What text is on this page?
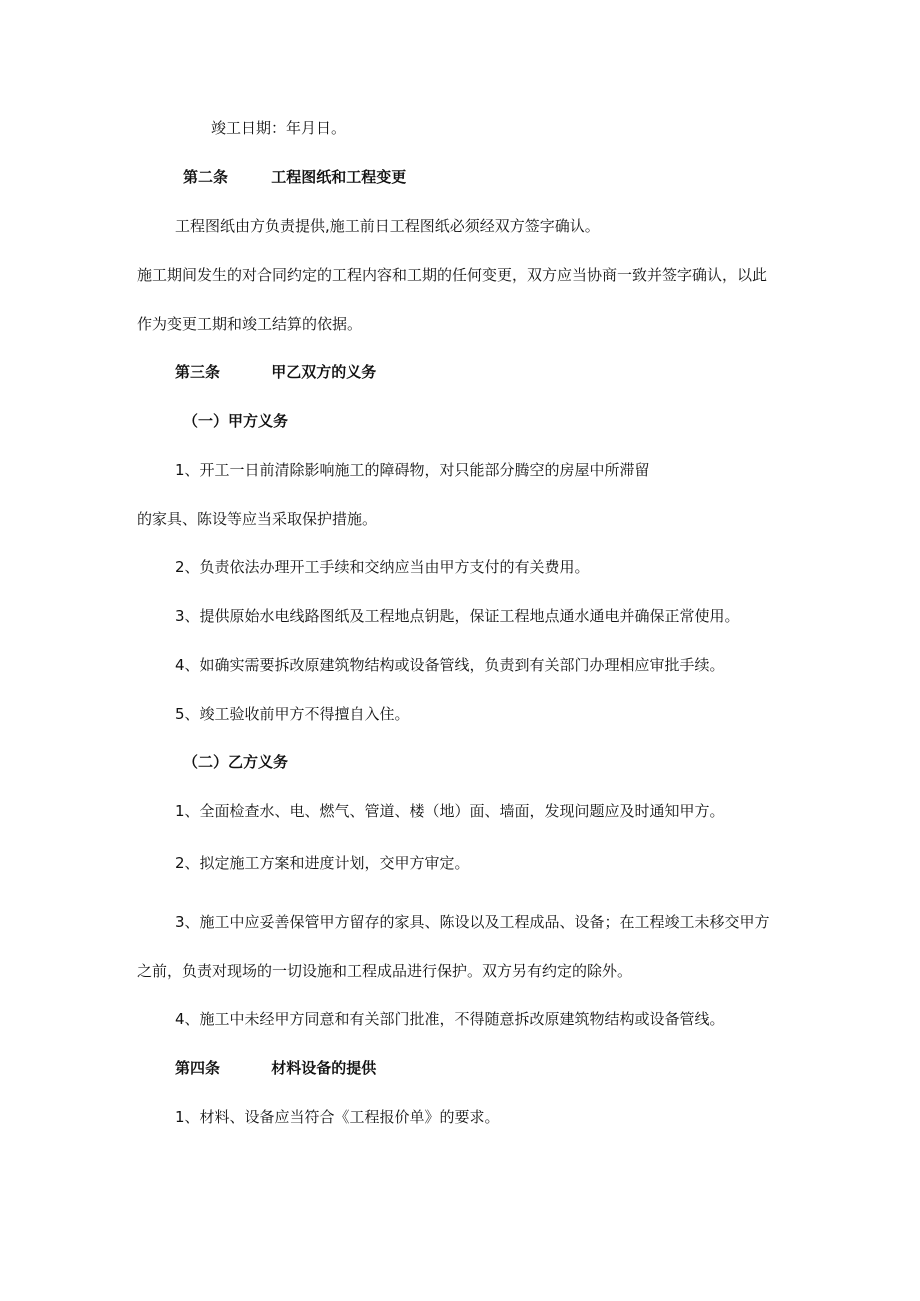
竣工日期：年月日。
第二条	工程图纸和工程变更
工程图纸由方负责提供,施工前日工程图纸必须经双方签字确认。
施工期间发生的对合同约定的工程内容和工期的任何变更，双方应当协商一致并签字确认，以此
作为变更工期和竣工结算的依据。
第三条	甲乙双方的义务
（一）甲方义务
1、开工一日前清除影响施工的障碍物，对只能部分腾空的房屋中所滞留
的家具、陈设等应当采取保护措施。
2、负责依法办理开工手续和交纳应当由甲方支付的有关费用。
3、提供原始水电线路图纸及工程地点钥匙，保证工程地点通水通电并确保正常使用。
4、如确实需要拆改原建筑物结构或设备管线，负责到有关部门办理相应审批手续。
5、竣工验收前甲方不得擅自入住。
（二）乙方义务
1、全面检查水、电、燃气、管道、楼（地）面、墙面，发现问题应及时通知甲方。
2、拟定施工方案和进度计划，交甲方审定。
3、施工中应妥善保管甲方留存的家具、陈设以及工程成品、设备；在工程竣工未移交甲方
之前，负责对现场的一切设施和工程成品进行保护。双方另有约定的除外。
4、施工中未经甲方同意和有关部门批准，不得随意拆改原建筑物结构或设备管线。
第四条	材料设备的提供
1、材料、设备应当符合《工程报价单》的要求。
